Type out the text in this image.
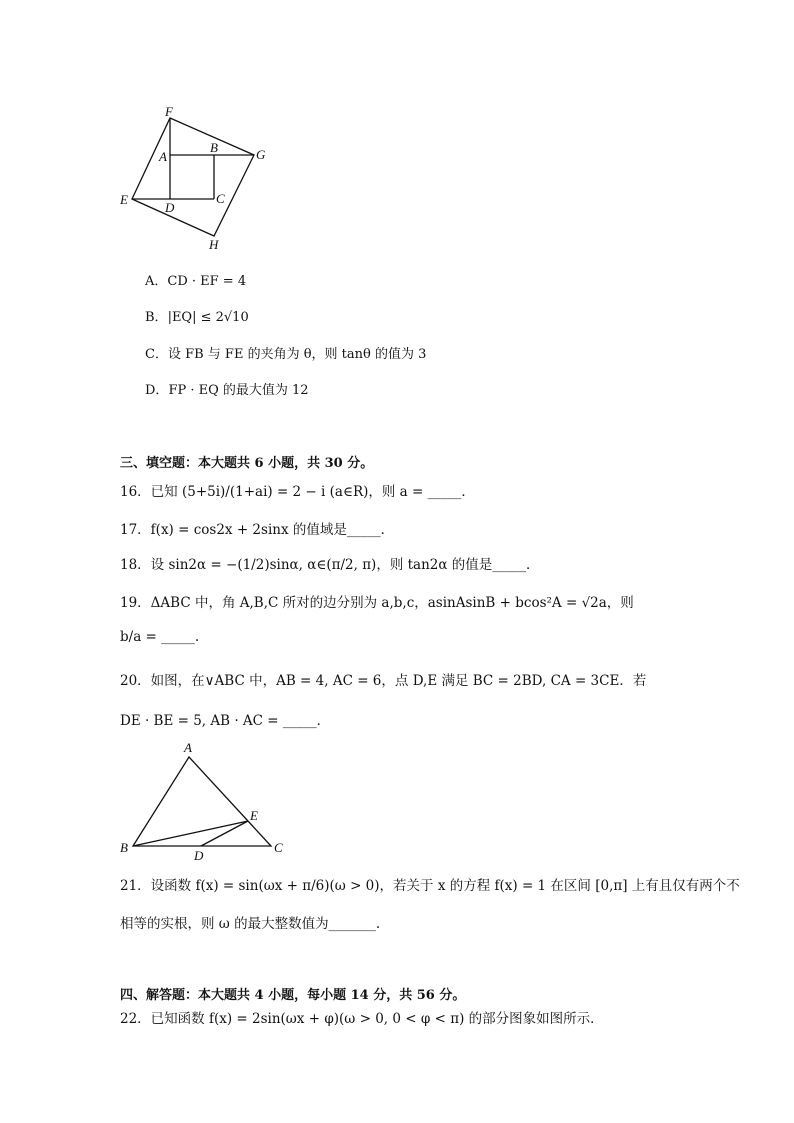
F
A
B	G
E
D
C
H
A．CD · EF = 4
B．|EQ| ≤ 2√10
C．设 FB 与 FE 的夹角为 θ，则 tanθ 的值为 3
D．FP · EQ 的最大值为 12
三、填空题：本大题共 6 小题，共 30 分。
16．已知 (5+5i)/(1+ai) = 2 − i (a∈R)，则 a = _____．
17．f(x) = cos2x + 2sinx 的值域是_____．
18．设 sin2α = −(1/2)sinα, α∈(π/2, π)，则 tan2α 的值是_____．
19．ΔABC 中，角 A,B,C 所对的边分别为 a,b,c，asinAsinB + bcos²A = √2a，则
b/a = _____.
20．如图，在∨ABC 中，AB = 4, AC = 6，点 D,E 满足 BC = 2BD, CA = 3CE．若
DE · BE = 5, AB · AC = _____．
A
E
B
D
C
21．设函数 f(x) = sin(ωx + π/6)(ω > 0)，若关于 x 的方程 f(x) = 1 在区间 [0,π] 上有且仅有两个不
相等的实根，则 ω 的最大整数值为_______.
四、解答题：本大题共 4 小题，每小题 14 分，共 56 分。
22．已知函数 f(x) = 2sin(ωx + φ)(ω > 0, 0 < φ < π) 的部分图象如图所示．
